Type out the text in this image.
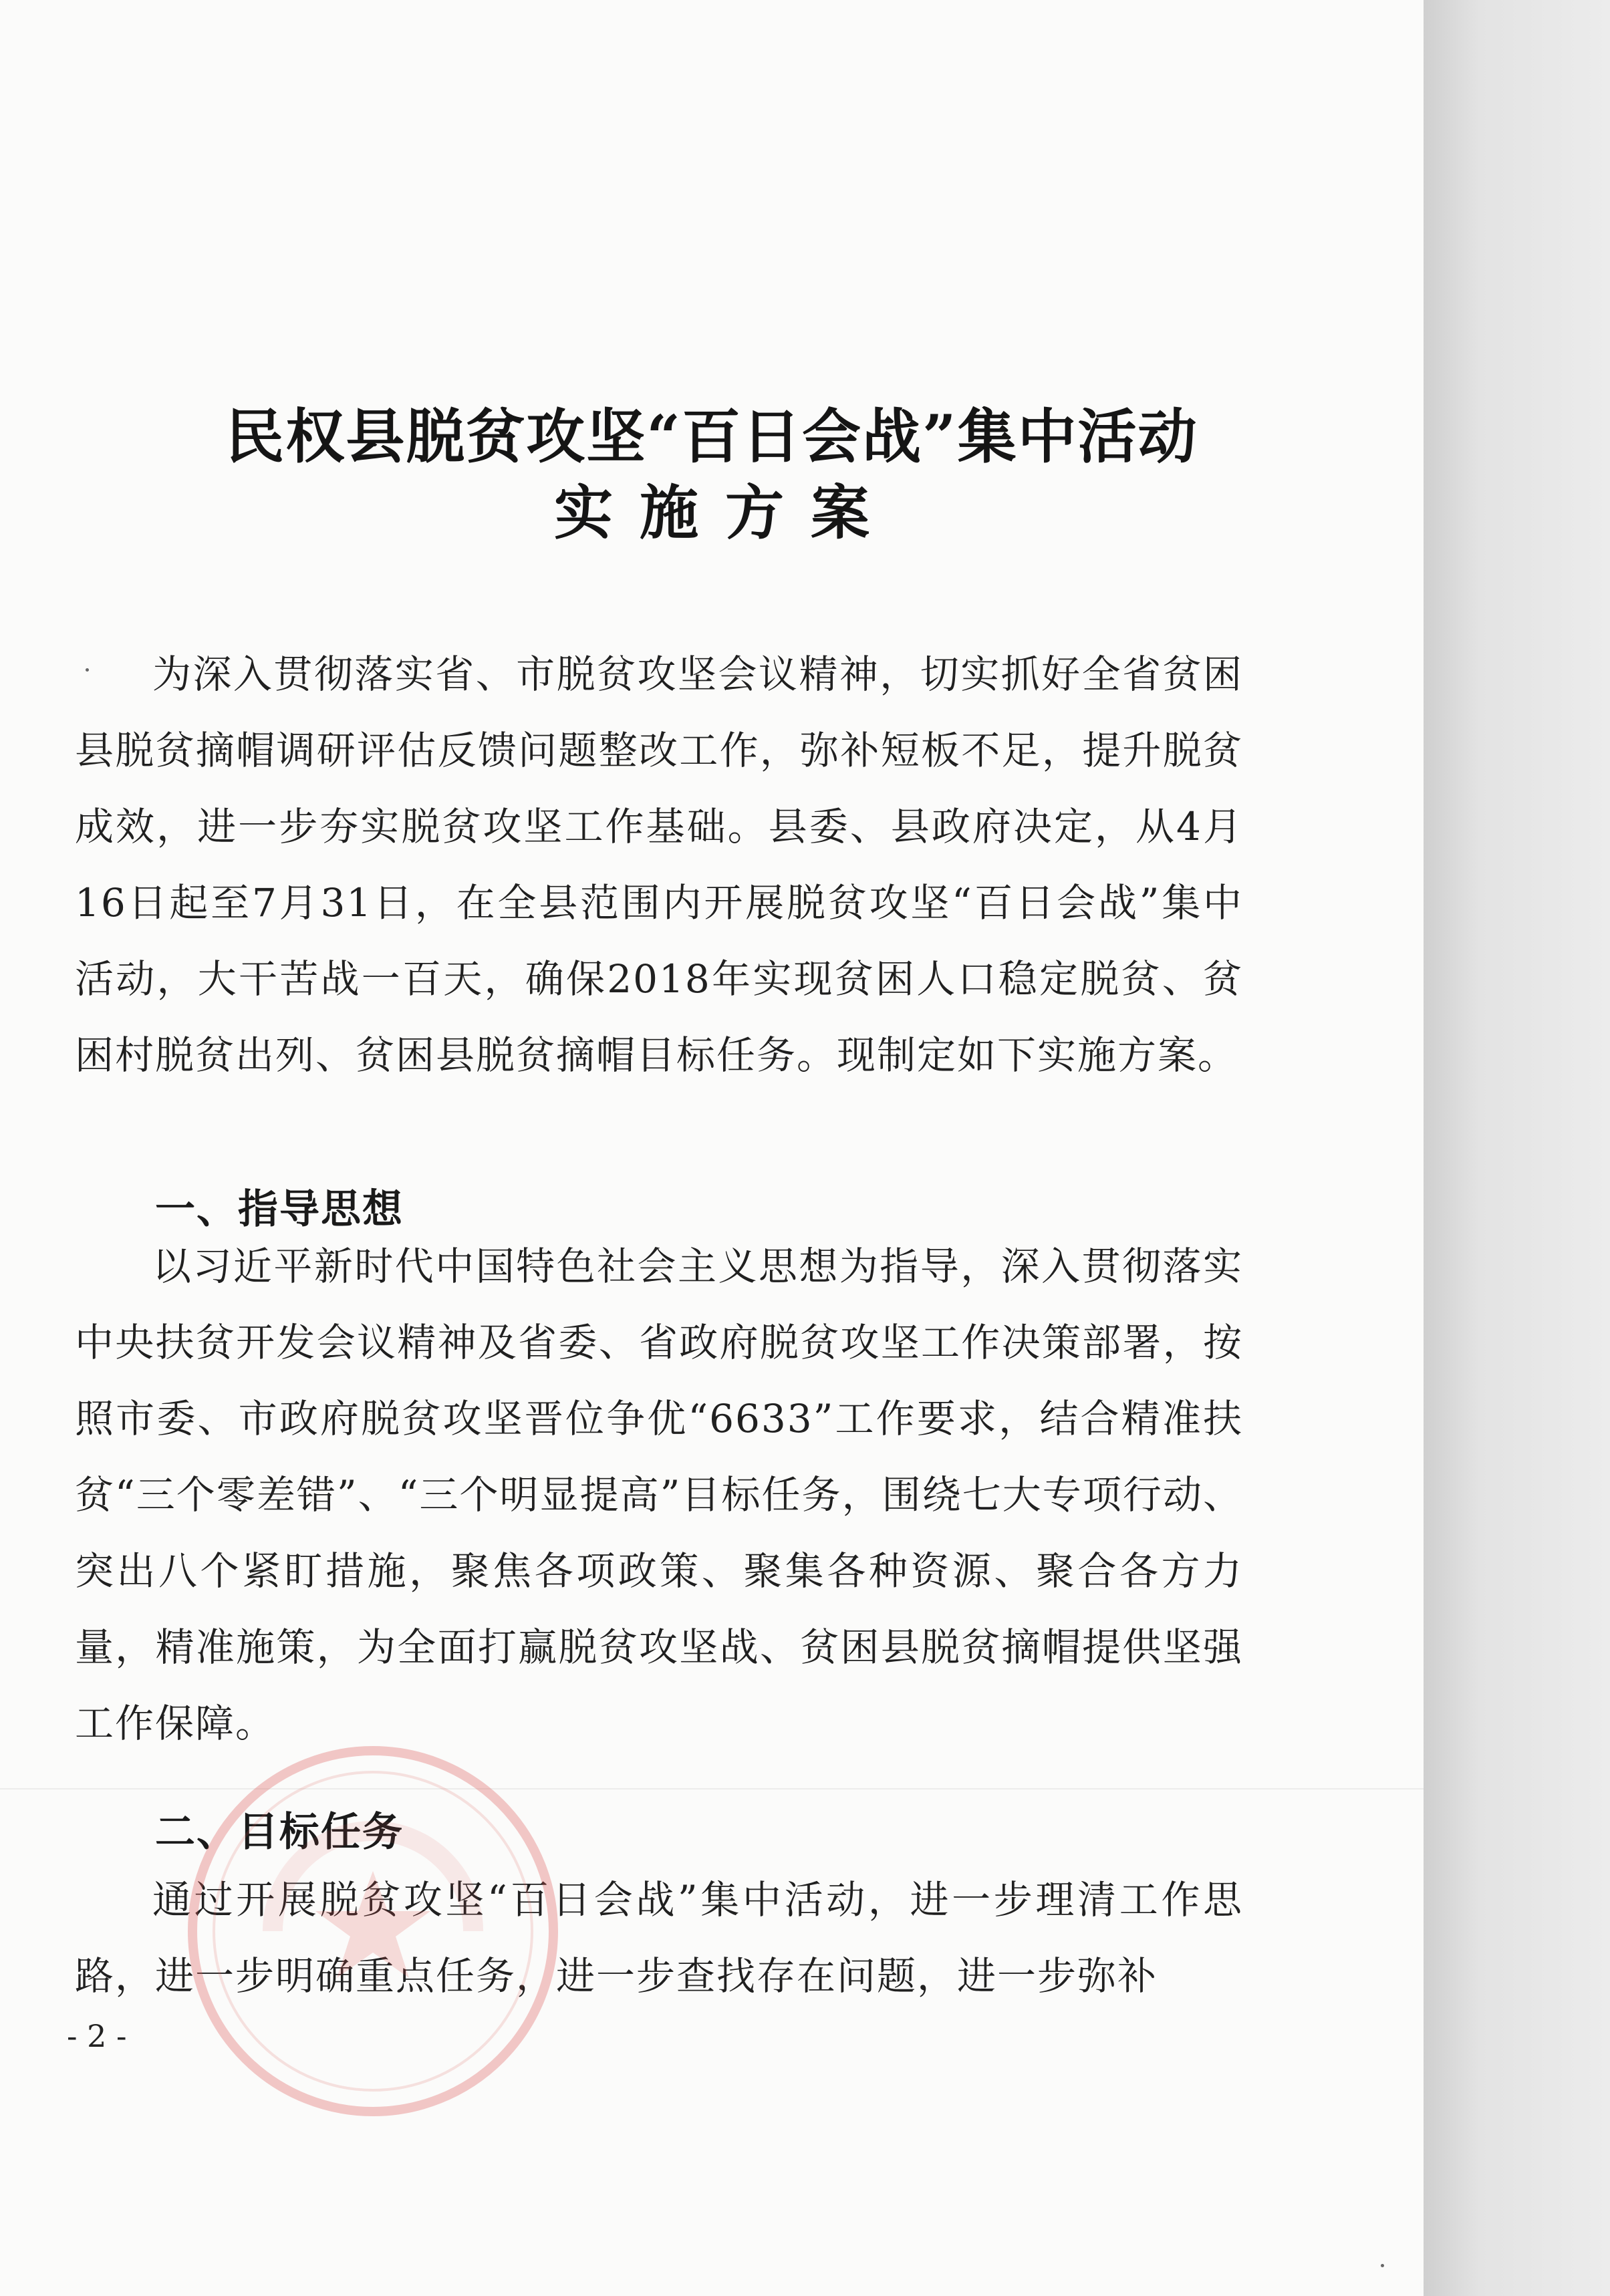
民权县脱贫攻坚“百日会战”集中活动
实施方案
为深入贯彻落实省、市脱贫攻坚会议精神，切实抓好全省贫困县脱贫摘帽调研评估反馈问题整改工作，弥补短板不足，提升脱贫成效，进一步夯实脱贫攻坚工作基础。县委、县政府决定，从4月16日起至7月31日，在全县范围内开展脱贫攻坚“百日会战”集中活动，大干苦战一百天，确保2018年实现贫困人口稳定脱贫、贫困村脱贫出列、贫困县脱贫摘帽目标任务。现制定如下实施方案。
一、指导思想
以习近平新时代中国特色社会主义思想为指导，深入贯彻落实中央扶贫开发会议精神及省委、省政府脱贫攻坚工作决策部署，按照市委、市政府脱贫攻坚晋位争优“6633”工作要求，结合精准扶贫“三个零差错”、“三个明显提高”目标任务，围绕七大专项行动、突出八个紧盯措施，聚焦各项政策、聚集各种资源、聚合各方力量，精准施策，为全面打赢脱贫攻坚战、贫困县脱贫摘帽提供坚强工作保障。
二、目标任务
通过开展脱贫攻坚“百日会战”集中活动，进一步理清工作思路，进一步明确重点任务，进一步查找存在问题，进一步弥补
- 2 -
